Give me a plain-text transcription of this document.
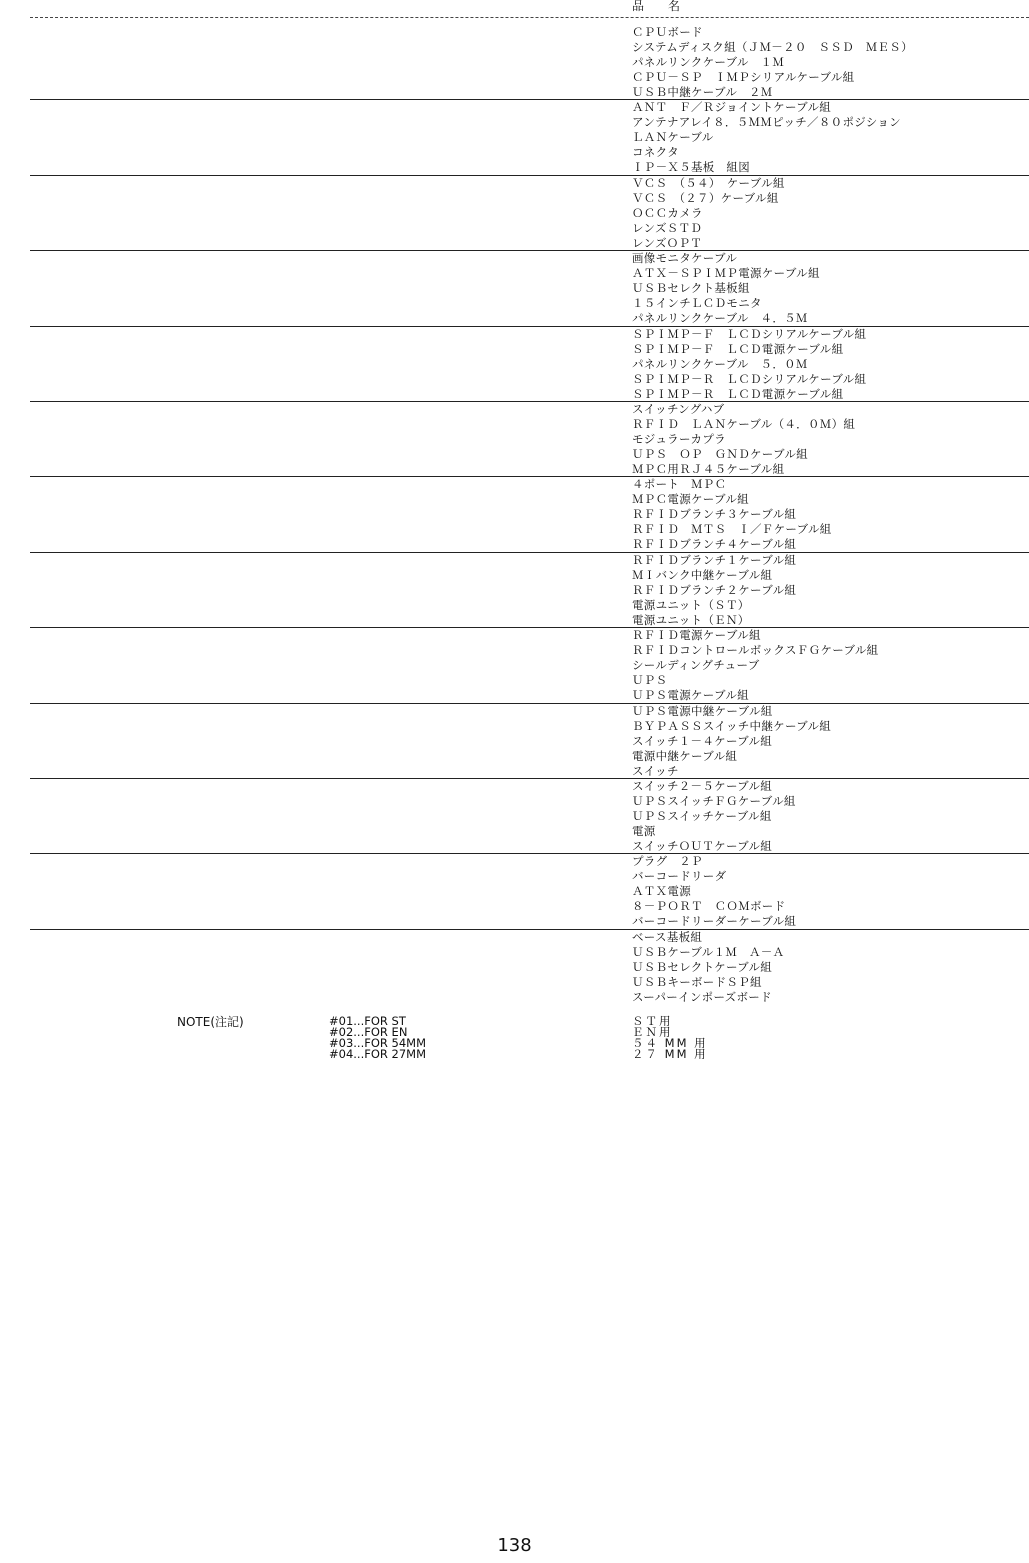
品　名
ＣＰＵボード
システムディスク組（ＪＭ－２０　ＳＳＤ　ＭＥＳ）
パネルリンクケーブル　１Ｍ
ＣＰＵ－ＳＰ　ＩＭＰシリアルケーブル組
ＵＳＢ中継ケーブル　２Ｍ
ＡＮＴ　Ｆ／Ｒジョイントケーブル組
アンテナアレイ８．５ＭＭピッチ／８０ポジション
ＬＡＮケーブル
コネクタ
ＩＰ－Ｘ５基板　組図
ＶＣＳ　（５４）　ケーブル組
ＶＣＳ　（２７）ケーブル組
ＯＣＣカメラ
レンズＳＴＤ
レンズＯＰＴ
画像モニタケーブル
ＡＴＸ－ＳＰＩＭＰ電源ケーブル組
ＵＳＢセレクト基板組
１５インチＬＣＤモニタ
パネルリンクケーブル　４．５Ｍ
ＳＰＩＭＰ－Ｆ　ＬＣＤシリアルケーブル組
ＳＰＩＭＰ－Ｆ　ＬＣＤ電源ケーブル組
パネルリンクケーブル　５．０Ｍ
ＳＰＩＭＰ－Ｒ　ＬＣＤシリアルケーブル組
ＳＰＩＭＰ－Ｒ　ＬＣＤ電源ケーブル組
スイッチングハブ
ＲＦＩＤ　ＬＡＮケーブル（４．０Ｍ）組
モジュラーカプラ
ＵＰＳ　ＯＰ　ＧＮＤケーブル組
ＭＰＣ用ＲＪ４５ケーブル組
４ポート　ＭＰＣ
ＭＰＣ電源ケーブル組
ＲＦＩＤブランチ３ケーブル組
ＲＦＩＤ　ＭＴＳ　Ｉ／Ｆケーブル組
ＲＦＩＤブランチ４ケーブル組
ＲＦＩＤブランチ１ケーブル組
ＭＩバンク中継ケーブル組
ＲＦＩＤブランチ２ケーブル組
電源ユニット（ＳＴ）
電源ユニット（ＥＮ）
ＲＦＩＤ電源ケーブル組
ＲＦＩＤコントロールボックスＦＧケーブル組
シールディングチューブ
ＵＰＳ
ＵＰＳ電源ケーブル組
ＵＰＳ電源中継ケーブル組
ＢＹＰＡＳＳスイッチ中継ケーブル組
スイッチ１－４ケーブル組
電源中継ケーブル組
スイッチ
スイッチ２－５ケーブル組
ＵＰＳスイッチＦＧケーブル組
ＵＰＳスイッチケーブル組
電源
スイッチＯＵＴケーブル組
プラグ　２Ｐ
バーコードリーダ
ＡＴＸ電源
８－ＰＯＲＴ　ＣＯＭボード
バーコードリーダーケーブル組
ベース基板組
ＵＳＢケーブル１Ｍ　Ａ－Ａ
ＵＳＢセレクトケーブル組
ＵＳＢキーボードＳＰ組
スーパーインポーズボード
NOTE(注記)	#01...FOR ST
#02...FOR EN
#03...FOR 54MM
#04...FOR 27MM
ＳＴ用
ＥＮ用
５４ MM 用
２７ MM 用
138
